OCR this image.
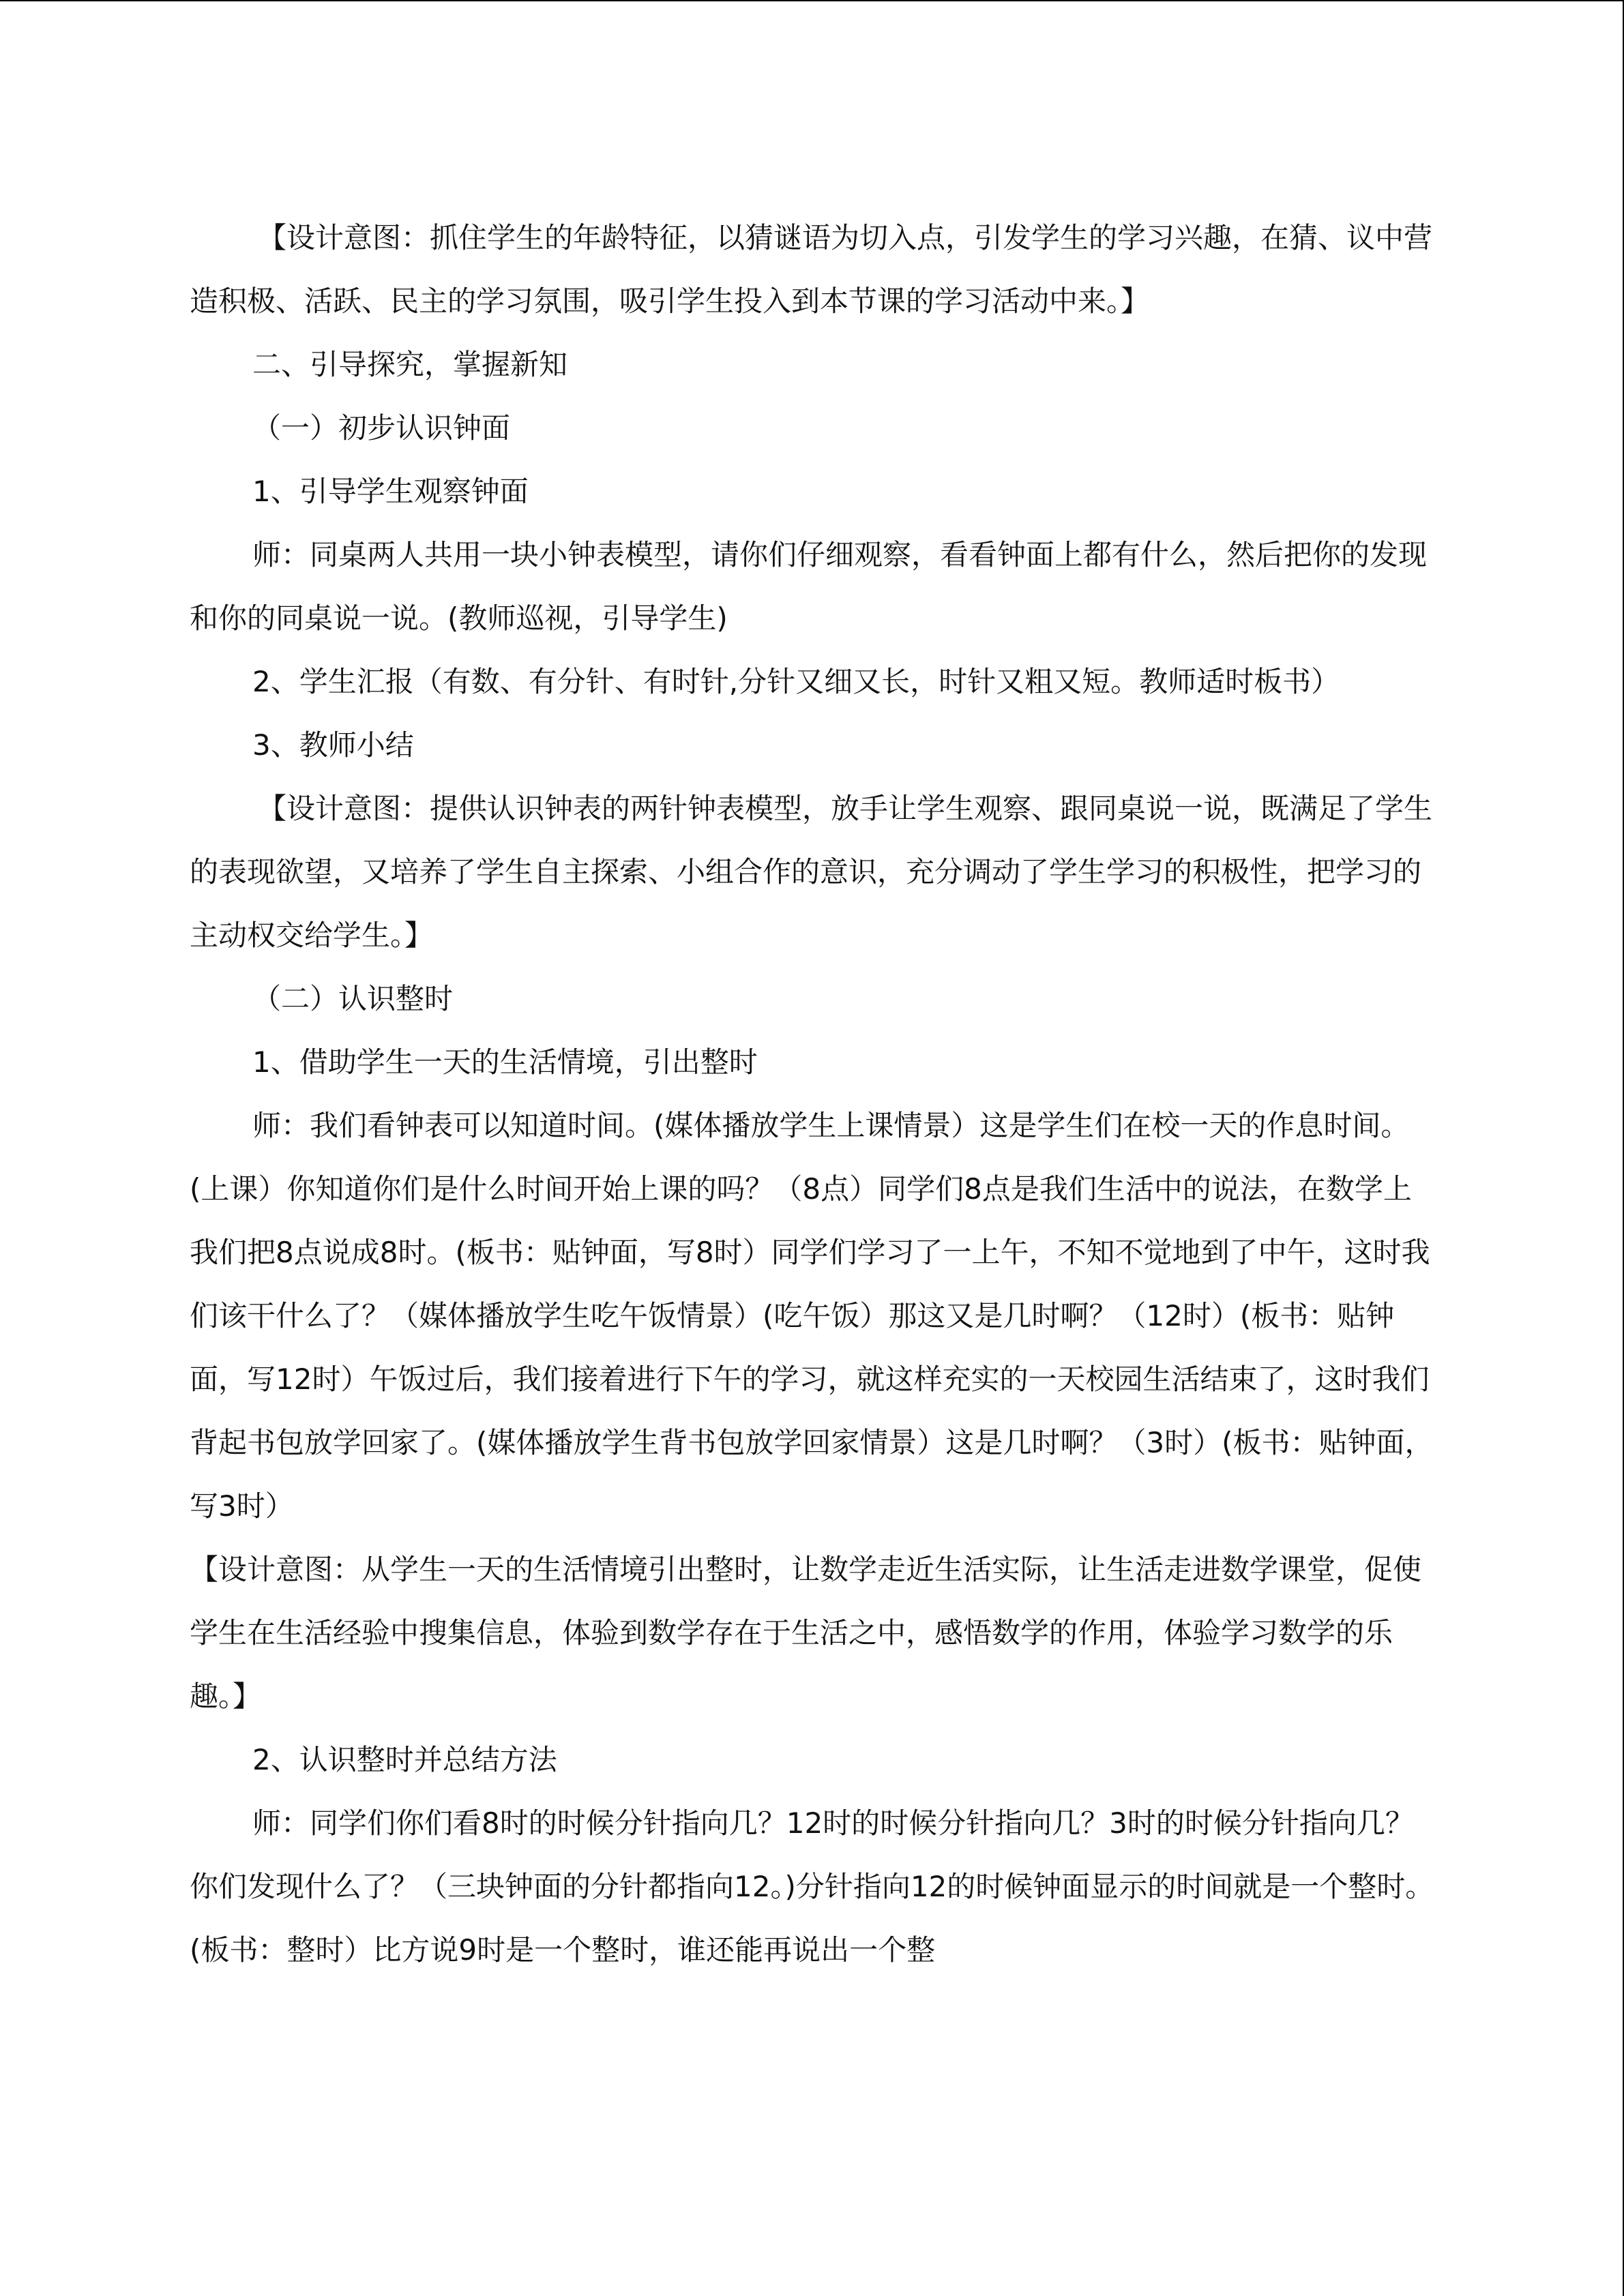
【设计意图：抓住学生的年龄特征，以猜谜语为切入点，引发学生的学习兴趣，在猜、议中营造积极、活跃、民主的学习氛围，吸引学生投入到本节课的学习活动中来。】

二、引导探究，掌握新知

（一）初步认识钟面

1、引导学生观察钟面

师：同桌两人共用一块小钟表模型，请你们仔细观察，看看钟面上都有什么，然后把你的发现和你的同桌说一说。(教师巡视，引导学生)

2、学生汇报（有数、有分针、有时针,分针又细又长，时针又粗又短。教师适时板书）

3、教师小结

【设计意图：提供认识钟表的两针钟表模型，放手让学生观察、跟同桌说一说，既满足了学生的表现欲望，又培养了学生自主探索、小组合作的意识，充分调动了学生学习的积极性，把学习的主动权交给学生。】

（二）认识整时

1、借助学生一天的生活情境，引出整时

师：我们看钟表可以知道时间。(媒体播放学生上课情景）这是学生们在校一天的作息时间。(上课）你知道你们是什么时间开始上课的吗？（8点）同学们8点是我们生活中的说法，在数学上我们把8点说成8时。(板书：贴钟面，写8时）同学们学习了一上午，不知不觉地到了中午，这时我们该干什么了？（媒体播放学生吃午饭情景）(吃午饭）那这又是几时啊？（12时）(板书：贴钟面，写12时）午饭过后，我们接着进行下午的学习，就这样充实的一天校园生活结束了，这时我们背起书包放学回家了。(媒体播放学生背书包放学回家情景）这是几时啊？（3时）(板书：贴钟面，写3时）

【设计意图：从学生一天的生活情境引出整时，让数学走近生活实际，让生活走进数学课堂，促使学生在生活经验中搜集信息，体验到数学存在于生活之中，感悟数学的作用，体验学习数学的乐趣。】

2、认识整时并总结方法

师：同学们你们看8时的时候分针指向几？12时的时候分针指向几？3时的时候分针指向几？你们发现什么了？（三块钟面的分针都指向12。)分针指向12的时候钟面显示的时间就是一个整时。(板书：整时）比方说9时是一个整时，谁还能再说出一个整
